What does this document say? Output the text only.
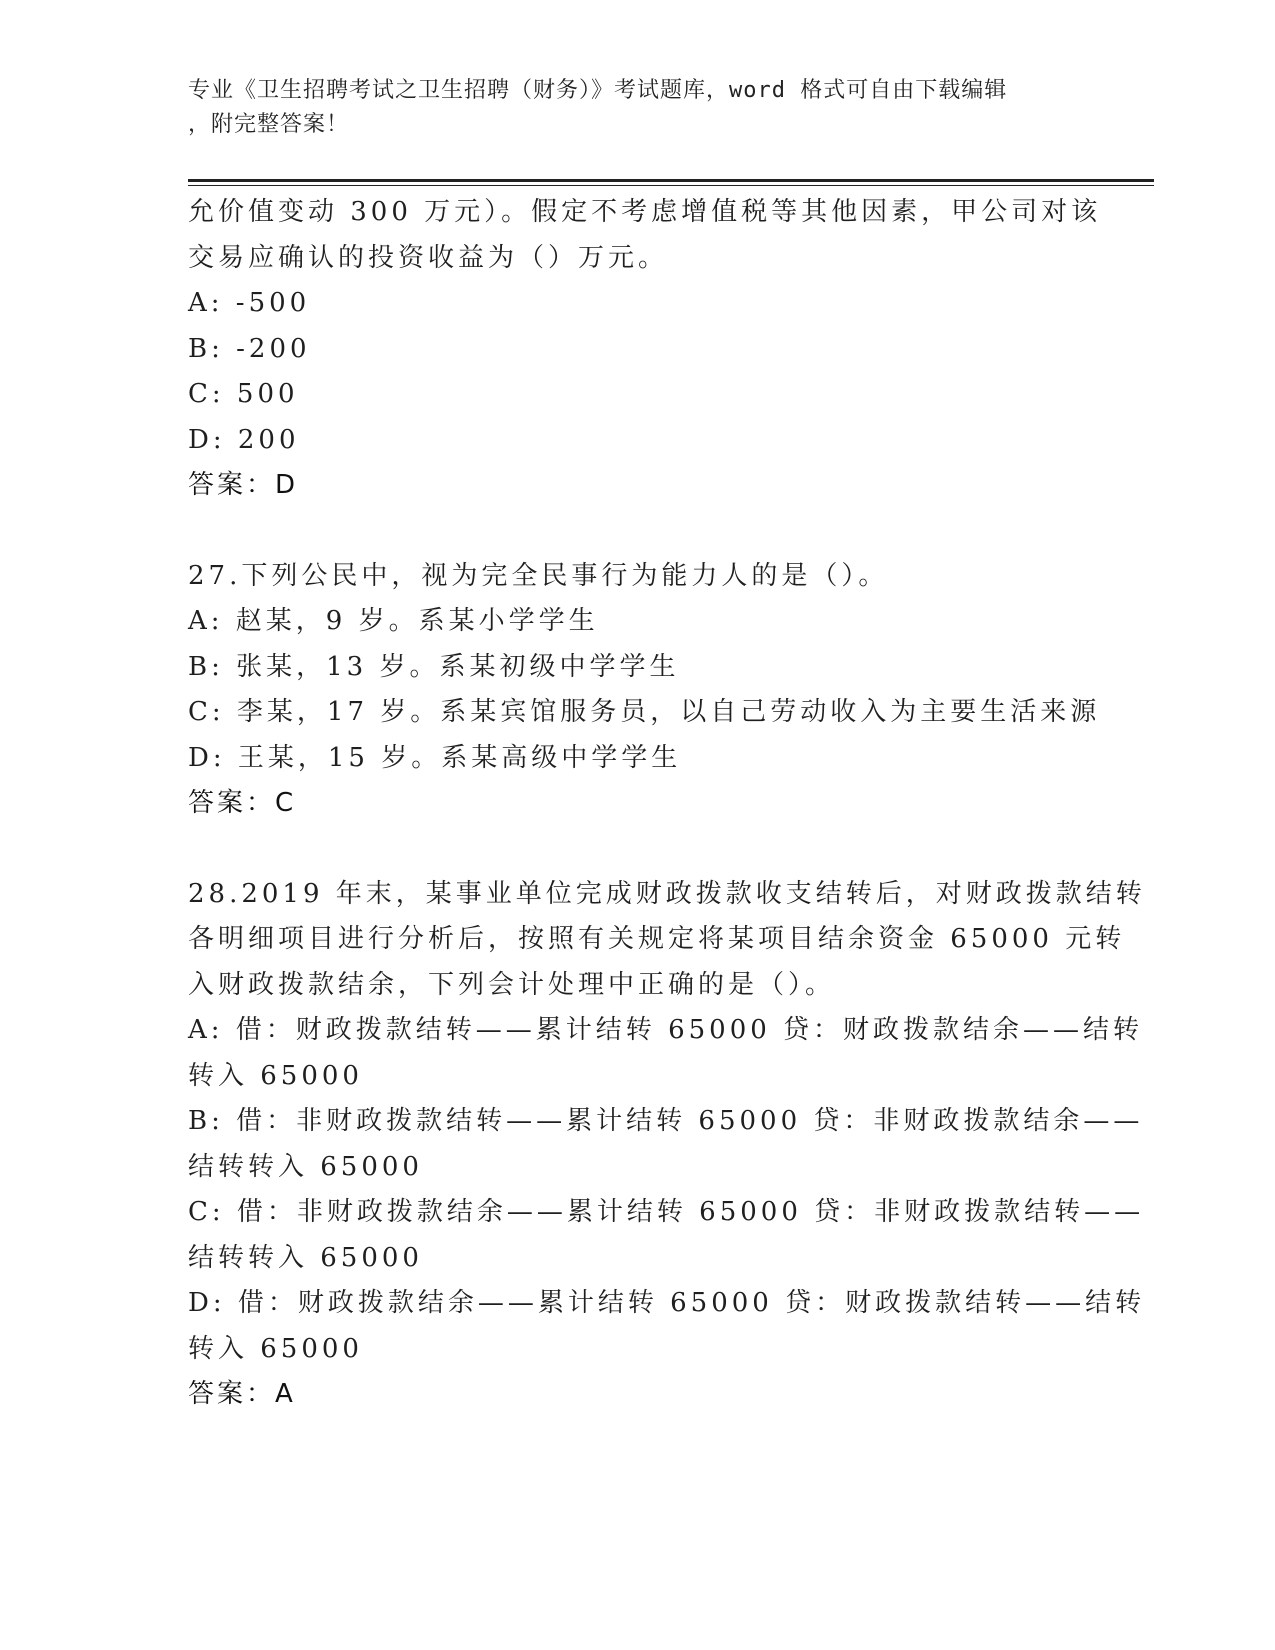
专业《卫生招聘考试之卫生招聘（财务）》考试题库，word 格式可自由下载编辑
，附完整答案！
允价值变动 300 万元）。假定不考虑增值税等其他因素，甲公司对该
交易应确认的投资收益为（）万元。
A: -500
B: -200
C: 500
D: 200
答案：D
27.下列公民中，视为完全民事行为能力人的是（）。
A: 赵某，9 岁。系某小学学生
B: 张某，13 岁。系某初级中学学生
C: 李某，17 岁。系某宾馆服务员，以自己劳动收入为主要生活来源
D: 王某，15 岁。系某高级中学学生
答案：C
28.2019 年末，某事业单位完成财政拨款收支结转后，对财政拨款结转
各明细项目进行分析后，按照有关规定将某项目结余资金 65000 元转
入财政拨款结余，下列会计处理中正确的是（）。
A: 借：财政拨款结转——累计结转 65000 贷：财政拨款结余——结转
转入 65000
B: 借：非财政拨款结转——累计结转 65000 贷：非财政拨款结余——
结转转入 65000
C: 借：非财政拨款结余——累计结转 65000 贷：非财政拨款结转——
结转转入 65000
D: 借：财政拨款结余——累计结转 65000 贷：财政拨款结转——结转
转入 65000
答案：A
